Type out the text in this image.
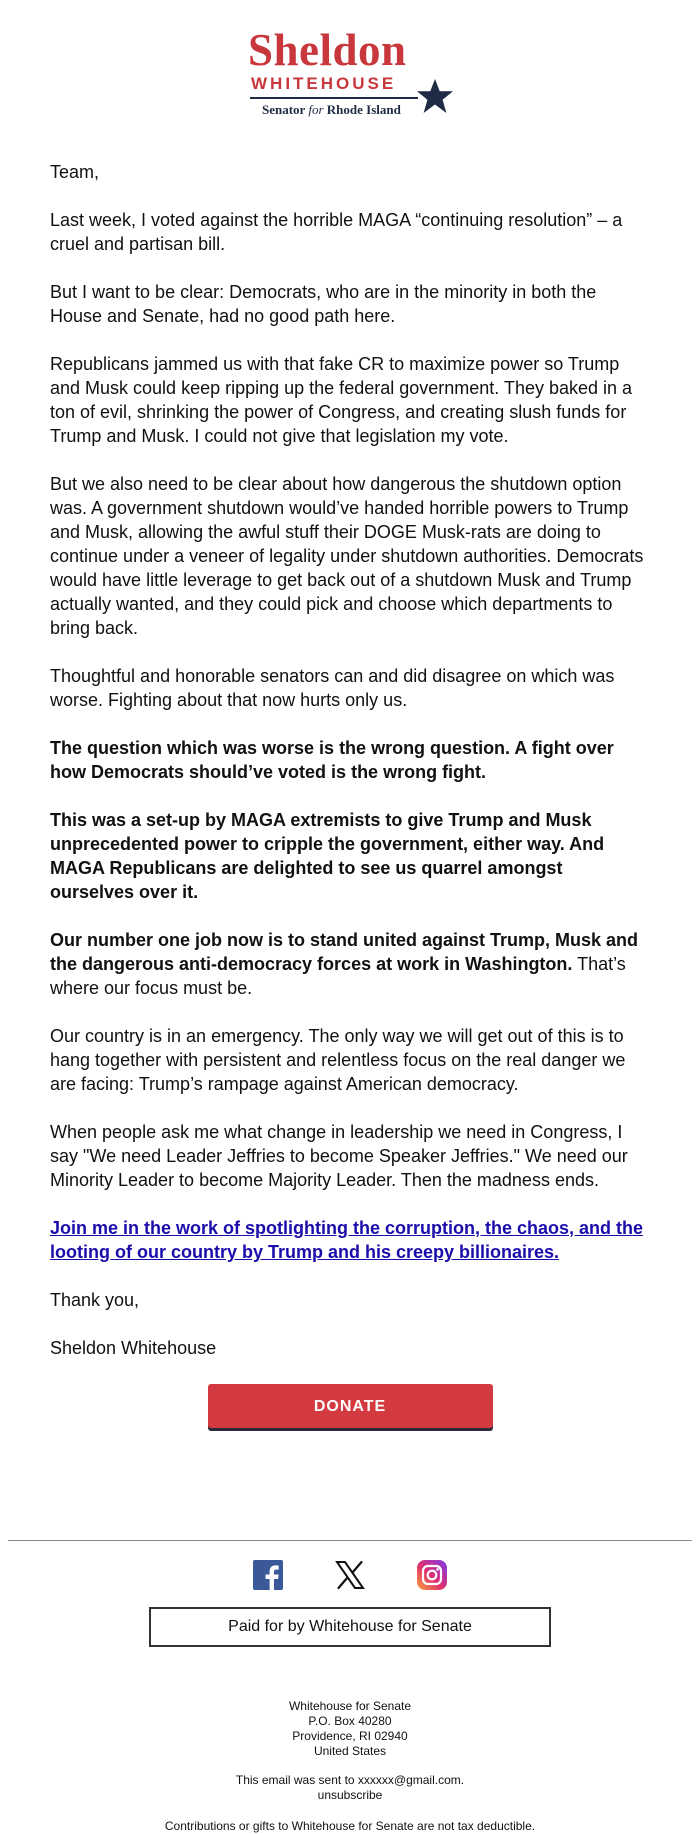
Sheldon
WHITEHOUSE
Senator for Rhode Island

Team,

Last week, I voted against the horrible MAGA “continuing resolution” – a cruel and partisan bill.

But I want to be clear: Democrats, who are in the minority in both the House and Senate, had no good path here.

Republicans jammed us with that fake CR to maximize power so Trump and Musk could keep ripping up the federal government. They baked in a ton of evil, shrinking the power of Congress, and creating slush funds for Trump and Musk. I could not give that legislation my vote.

But we also need to be clear about how dangerous the shutdown option was. A government shutdown would’ve handed horrible powers to Trump and Musk, allowing the awful stuff their DOGE Musk-rats are doing to continue under a veneer of legality under shutdown authorities. Democrats would have little leverage to get back out of a shutdown Musk and Trump actually wanted, and they could pick and choose which departments to bring back.

Thoughtful and honorable senators can and did disagree on which was worse. Fighting about that now hurts only us.

The question which was worse is the wrong question. A fight over how Democrats should’ve voted is the wrong fight.

This was a set-up by MAGA extremists to give Trump and Musk unprecedented power to cripple the government, either way. And MAGA Republicans are delighted to see us quarrel amongst ourselves over it.

Our number one job now is to stand united against Trump, Musk and the dangerous anti-democracy forces at work in Washington. That’s where our focus must be.

Our country is in an emergency. The only way we will get out of this is to hang together with persistent and relentless focus on the real danger we are facing: Trump’s rampage against American democracy.

When people ask me what change in leadership we need in Congress, I say "We need Leader Jeffries to become Speaker Jeffries." We need our Minority Leader to become Majority Leader. Then the madness ends.

Join me in the work of spotlighting the corruption, the chaos, and the looting of our country by Trump and his creepy billionaires.

Thank you,

Sheldon Whitehouse

DONATE

Paid for by Whitehouse for Senate
Whitehouse for Senate
P.O. Box 40280
Providence, RI 02940
United States
This email was sent to xxxxxx@gmail.com.
unsubscribe
Contributions or gifts to Whitehouse for Senate are not tax deductible.
